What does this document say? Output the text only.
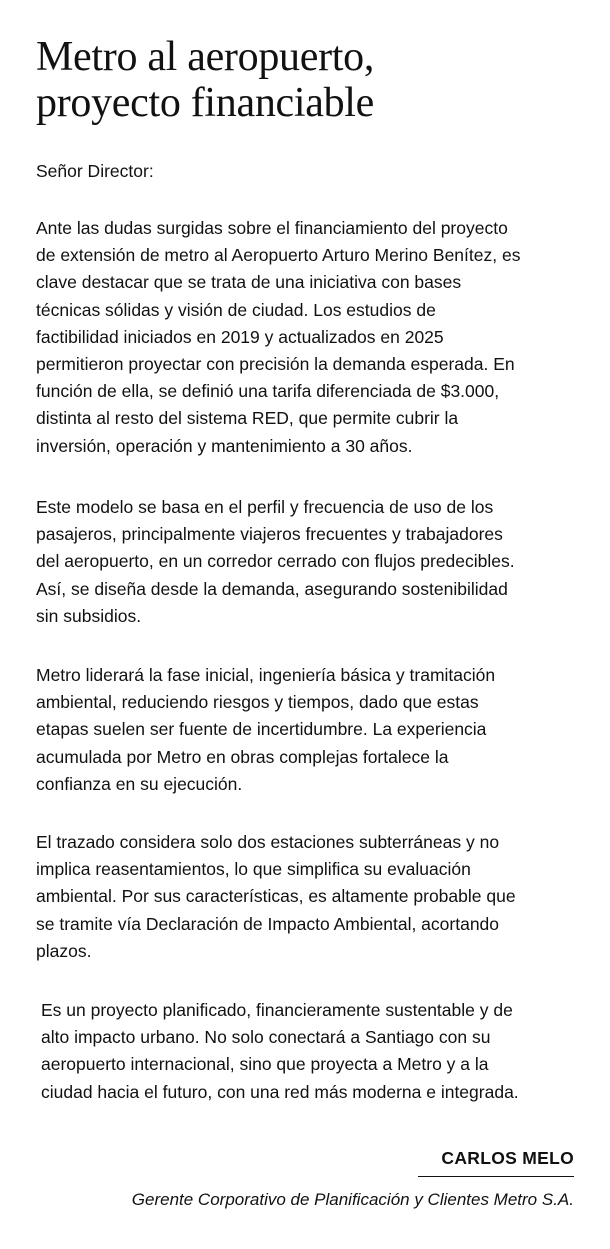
Metro al aeropuerto,
proyecto financiable

Señor Director:

Ante las dudas surgidas sobre el financiamiento del proyecto
de extensión de metro al Aeropuerto Arturo Merino Benítez, es
clave destacar que se trata de una iniciativa con bases
técnicas sólidas y visión de ciudad. Los estudios de
factibilidad iniciados en 2019 y actualizados en 2025
permitieron proyectar con precisión la demanda esperada. En
función de ella, se definió una tarifa diferenciada de $3.000,
distinta al resto del sistema RED, que permite cubrir la
inversión, operación y mantenimiento a 30 años.

Este modelo se basa en el perfil y frecuencia de uso de los
pasajeros, principalmente viajeros frecuentes y trabajadores
del aeropuerto, en un corredor cerrado con flujos predecibles.
Así, se diseña desde la demanda, asegurando sostenibilidad
sin subsidios.

Metro liderará la fase inicial, ingeniería básica y tramitación
ambiental, reduciendo riesgos y tiempos, dado que estas
etapas suelen ser fuente de incertidumbre. La experiencia
acumulada por Metro en obras complejas fortalece la
confianza en su ejecución.

El trazado considera solo dos estaciones subterráneas y no
implica reasentamientos, lo que simplifica su evaluación
ambiental. Por sus características, es altamente probable que
se tramite vía Declaración de Impacto Ambiental, acortando
plazos.

Es un proyecto planificado, financieramente sustentable y de
alto impacto urbano. No solo conectará a Santiago con su
aeropuerto internacional, sino que proyecta a Metro y a la
ciudad hacia el futuro, con una red más moderna e integrada.

CARLOS MELO

Gerente Corporativo de Planificación y Clientes Metro S.A.
